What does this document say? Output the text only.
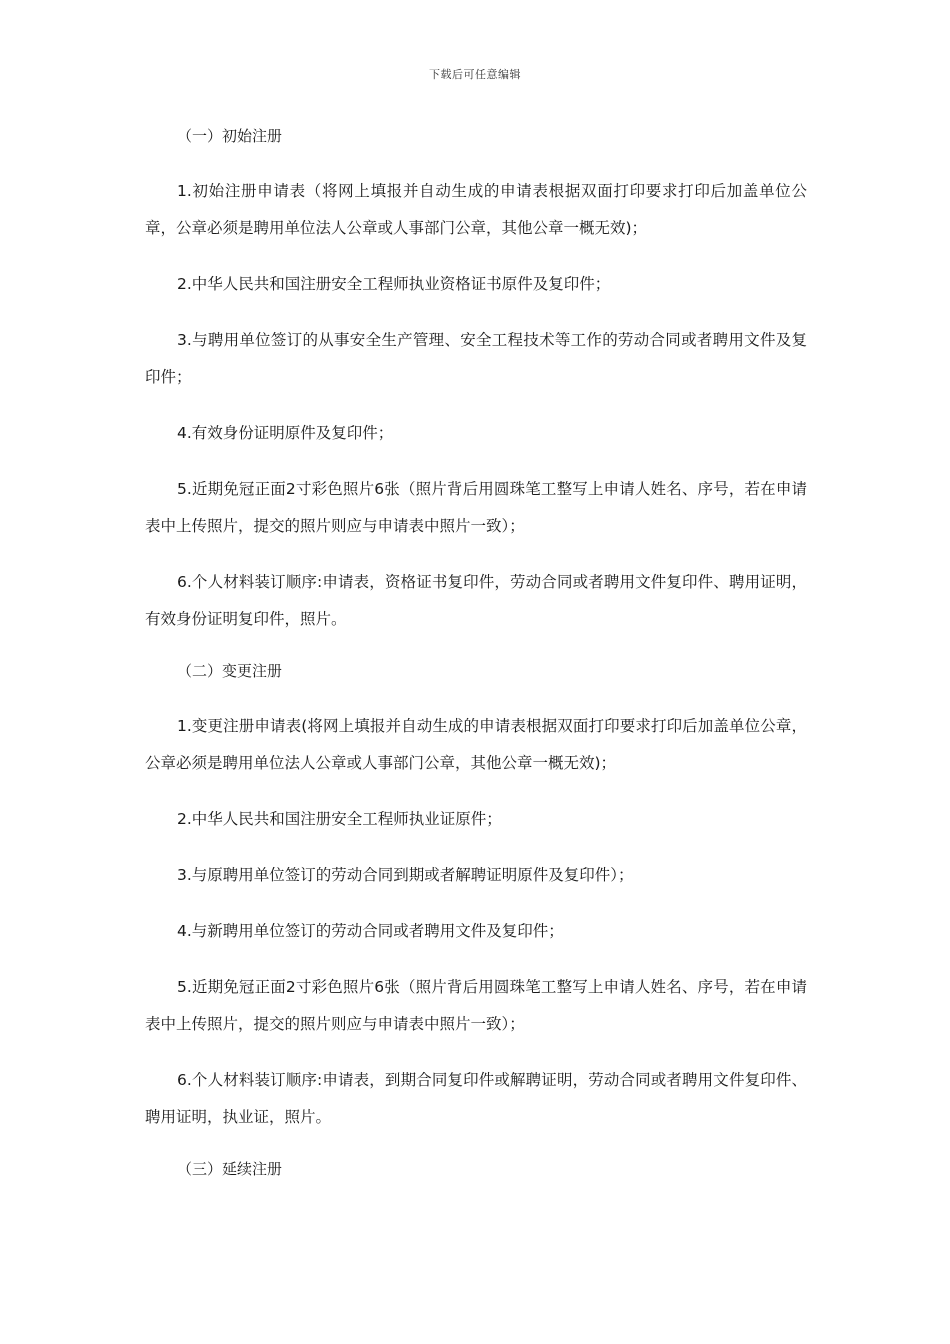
下载后可任意编辑
（一）初始注册
1.初始注册申请表（将网上填报并自动生成的申请表根据双面打印要求打印后加盖单位公章，公章必须是聘用单位法人公章或人事部门公章，其他公章一概无效)；
2.中华人民共和国注册安全工程师执业资格证书原件及复印件；
3.与聘用单位签订的从事安全生产管理、安全工程技术等工作的劳动合同或者聘用文件及复印件；
4.有效身份证明原件及复印件；
5.近期免冠正面2寸彩色照片6张（照片背后用圆珠笔工整写上申请人姓名、序号，若在申请表中上传照片，提交的照片则应与申请表中照片一致）；
6.个人材料装订顺序:申请表，资格证书复印件，劳动合同或者聘用文件复印件、聘用证明，有效身份证明复印件，照片。
（二）变更注册
1.变更注册申请表(将网上填报并自动生成的申请表根据双面打印要求打印后加盖单位公章，公章必须是聘用单位法人公章或人事部门公章，其他公章一概无效)；
2.中华人民共和国注册安全工程师执业证原件；
3.与原聘用单位签订的劳动合同到期或者解聘证明原件及复印件）；
4.与新聘用单位签订的劳动合同或者聘用文件及复印件；
5.近期免冠正面2寸彩色照片6张（照片背后用圆珠笔工整写上申请人姓名、序号，若在申请表中上传照片，提交的照片则应与申请表中照片一致）；
6.个人材料装订顺序:申请表，到期合同复印件或解聘证明，劳动合同或者聘用文件复印件、聘用证明，执业证，照片。
（三）延续注册
